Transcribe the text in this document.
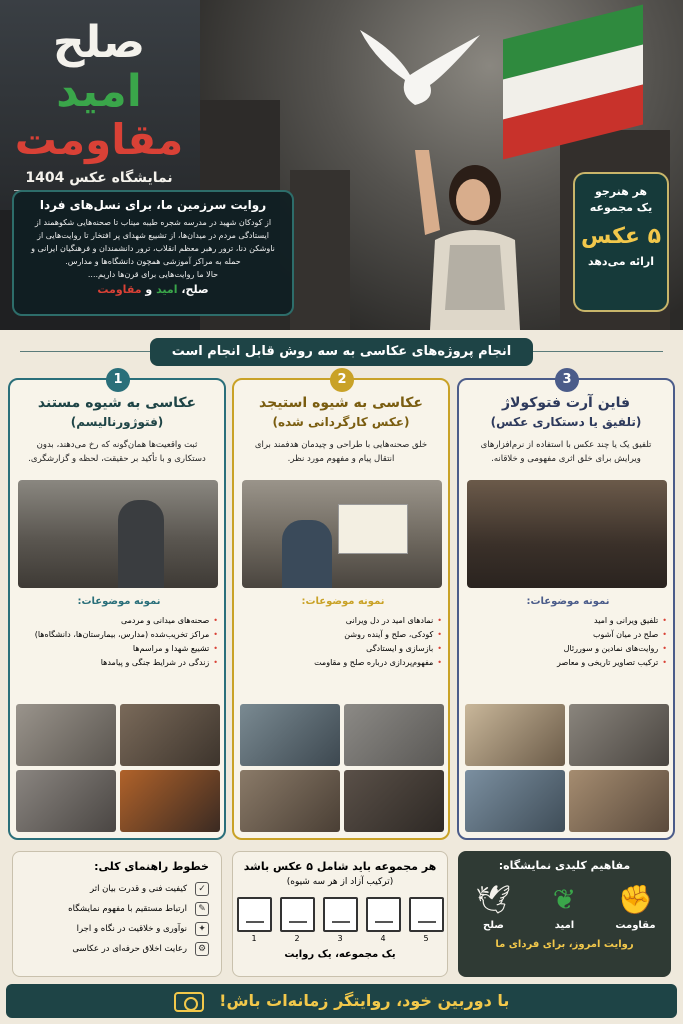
صلح
امید
مقاومت
نمایشگاه عکس 1404
روایت سرزمین ما، برای نسل‌های فردا

از کودکان شهید در مدرسه شجره طیبه میناب تا صحنه‌هایی شکوهمند از ایستادگی مردم در میدان‌ها، از تشییع شهدای پر افتخار تا روایت‌هایی از ناوشکن دنا، ترور رهبر معظم انقلاب، ترور دانشمندان و فرهنگیان ایرانی و حمله به مراکز آموزشی همچون دانشگاه‌ها و مدارس.

حالا ما روایت‌هایی برای قرن‌ها داریم....

صلح، امید و مقاومت
هر هنرجو
یک مجموعه
۵ عکس
ارائه می‌دهد
انجام پروژه‌های عکاسی به سه روش قابل انجام است
3
فاین آرت فتوکولاژ
(تلفیق یا دستکاری عکس)
تلفیق یک یا چند عکس با استفاده از نرم‌افزارهای ویرایش برای خلق اثری مفهومی و خلاقانه.
نمونه موضوعات:
• تلفیق ویرانی و امید
• صلح در میان آشوب
• روایت‌های نمادین و سوررئال
• ترکیب تصاویر تاریخی و معاصر
2
عکاسی به شیوه استیجد
(عکس کارگردانی شده)
خلق صحنه‌هایی با طراحی و چیدمان هدفمند برای انتقال پیام و مفهوم مورد نظر.
نمونه موضوعات:
• نمادهای امید در دل ویرانی
• کودکی، صلح و آینده روشن
• بازسازی و ایستادگی
• مفهوم‌پردازی درباره صلح و مقاومت
1
عکاسی به شیوه مستند
(فتوژورنالیسم)
ثبت واقعیت‌ها همان‌گونه که رخ می‌دهند، بدون دستکاری و با تأکید بر حقیقت، لحظه و گزارشگری.
نمونه موضوعات:
• صحنه‌های میدانی و مردمی
• مراکز تخریب‌شده (مدارس، بیمارستان‌ها، دانشگاه‌ها)
• تشییع شهدا و مراسم‌ها
• زندگی در شرایط جنگی و پیامدها
خطوط راهنمای کلی:
✓
کیفیت فنی و قدرت بیان اثر
✎
ارتباط مستقیم با مفهوم نمایشگاه
✦
نوآوری و خلاقیت در نگاه و اجرا
⚙
رعایت اخلاق حرفه‌ای در عکاسی
هر مجموعه باید شامل ۵ عکس باشد
(ترکیب آزاد از هر سه شیوه)
1	2	3	4	5
یک مجموعه، یک روایت
مفاهیم کلیدی نمایشگاه:
✊
مقاومت
❦
امید
🕊
صلح
روایت امروز، برای فردای ما
با دوربین خود، روایتگر زمانه‌ات باش!
